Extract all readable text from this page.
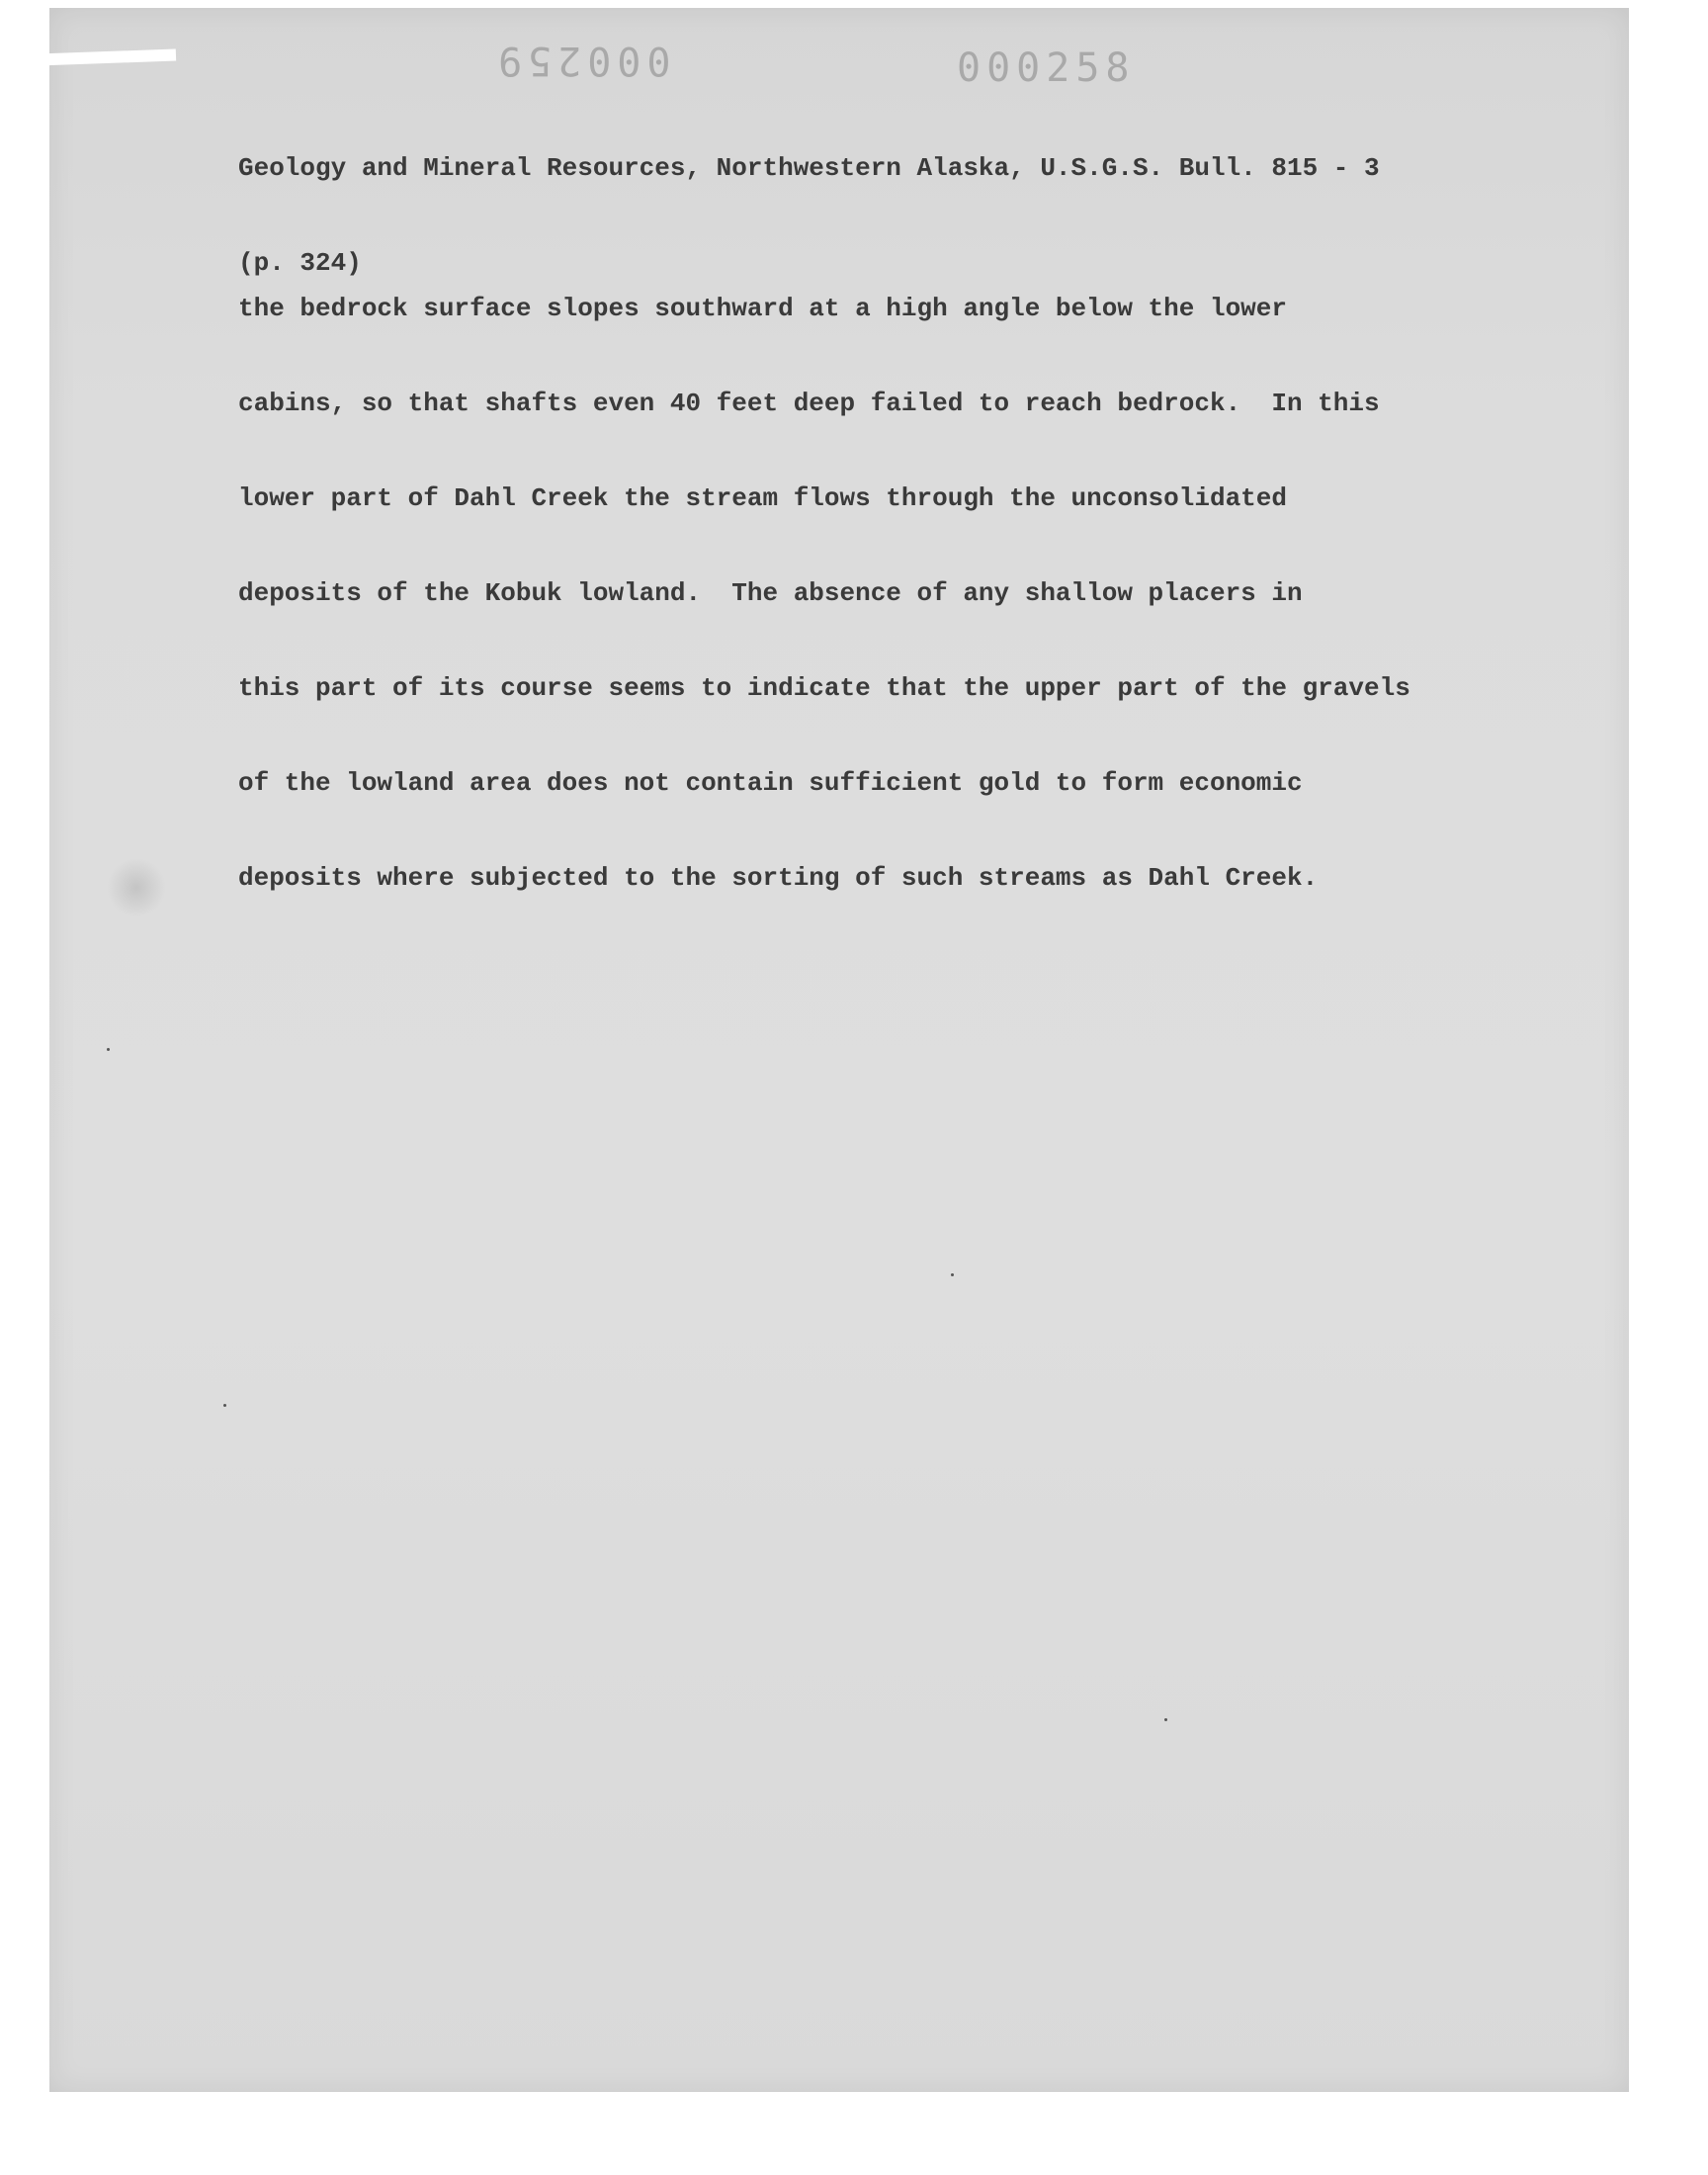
000259	000258

Geology and Mineral Resources, Northwestern Alaska, U.S.G.S. Bull. 815 - 3

(p. 324)

the bedrock surface slopes southward at a high angle below the lower

cabins, so that shafts even 40 feet deep failed to reach bedrock.  In this

lower part of Dahl Creek the stream flows through the unconsolidated

deposits of the Kobuk lowland.  The absence of any shallow placers in

this part of its course seems to indicate that the upper part of the gravels

of the lowland area does not contain sufficient gold to form economic

deposits where subjected to the sorting of such streams as Dahl Creek.
